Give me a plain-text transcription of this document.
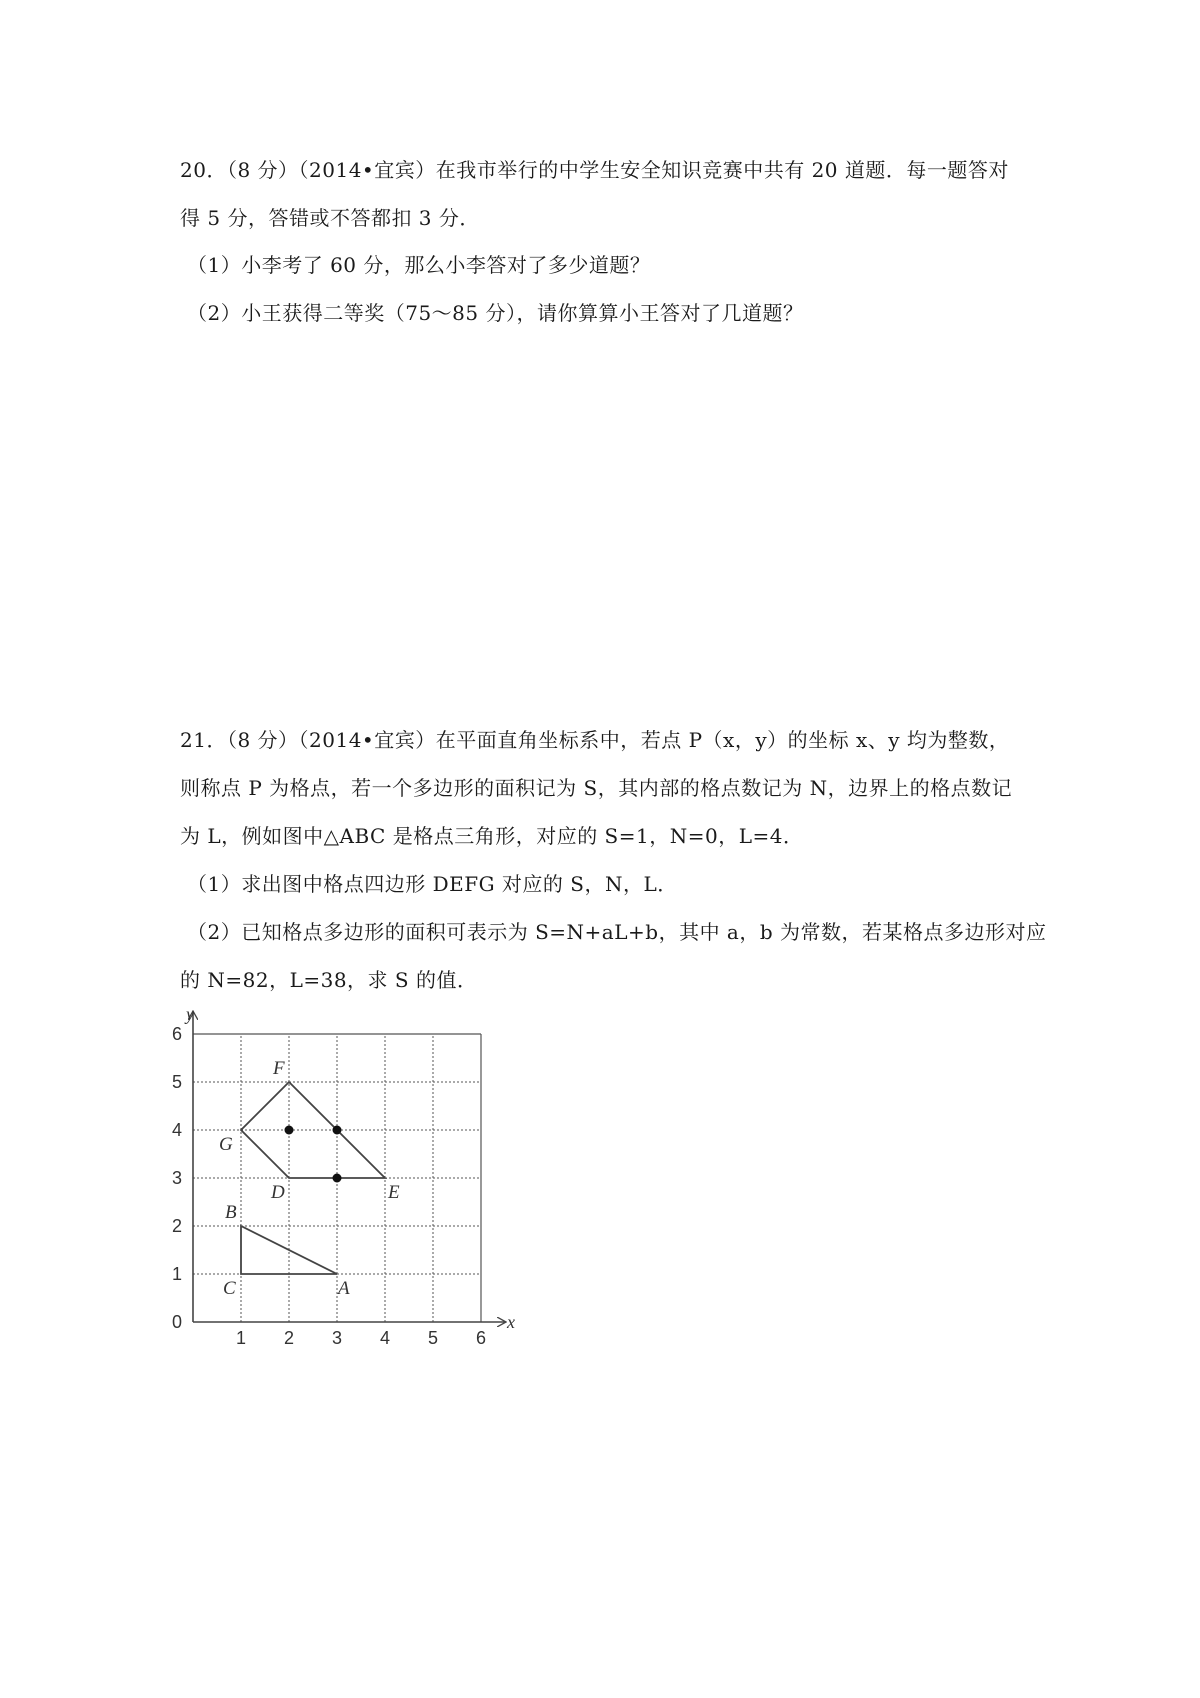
20．（8 分）（2014•宜宾）在我市举行的中学生安全知识竞赛中共有 20 道题．每一题答对
得 5 分，答错或不答都扣 3 分．
（1）小李考了 60 分，那么小李答对了多少道题？
（2）小王获得二等奖（75～85 分），请你算算小王答对了几道题？
21．（8 分）（2014•宜宾）在平面直角坐标系中，若点 P（x，y）的坐标 x、y 均为整数，
则称点 P 为格点，若一个多边形的面积记为 S，其内部的格点数记为 N，边界上的格点数记
为 L，例如图中△ABC 是格点三角形，对应的 S=1，N=0，L=4．
（1）求出图中格点四边形 DEFG 对应的 S，N，L．
（2）已知格点多边形的面积可表示为 S=N+aL+b，其中 a，b 为常数，若某格点多边形对应
的 N=82，L=38，求 S 的值．
x
y
0
1 2 3 4 5 6
1
2
3
4
5
6
A
B
C
D	E
F
G
